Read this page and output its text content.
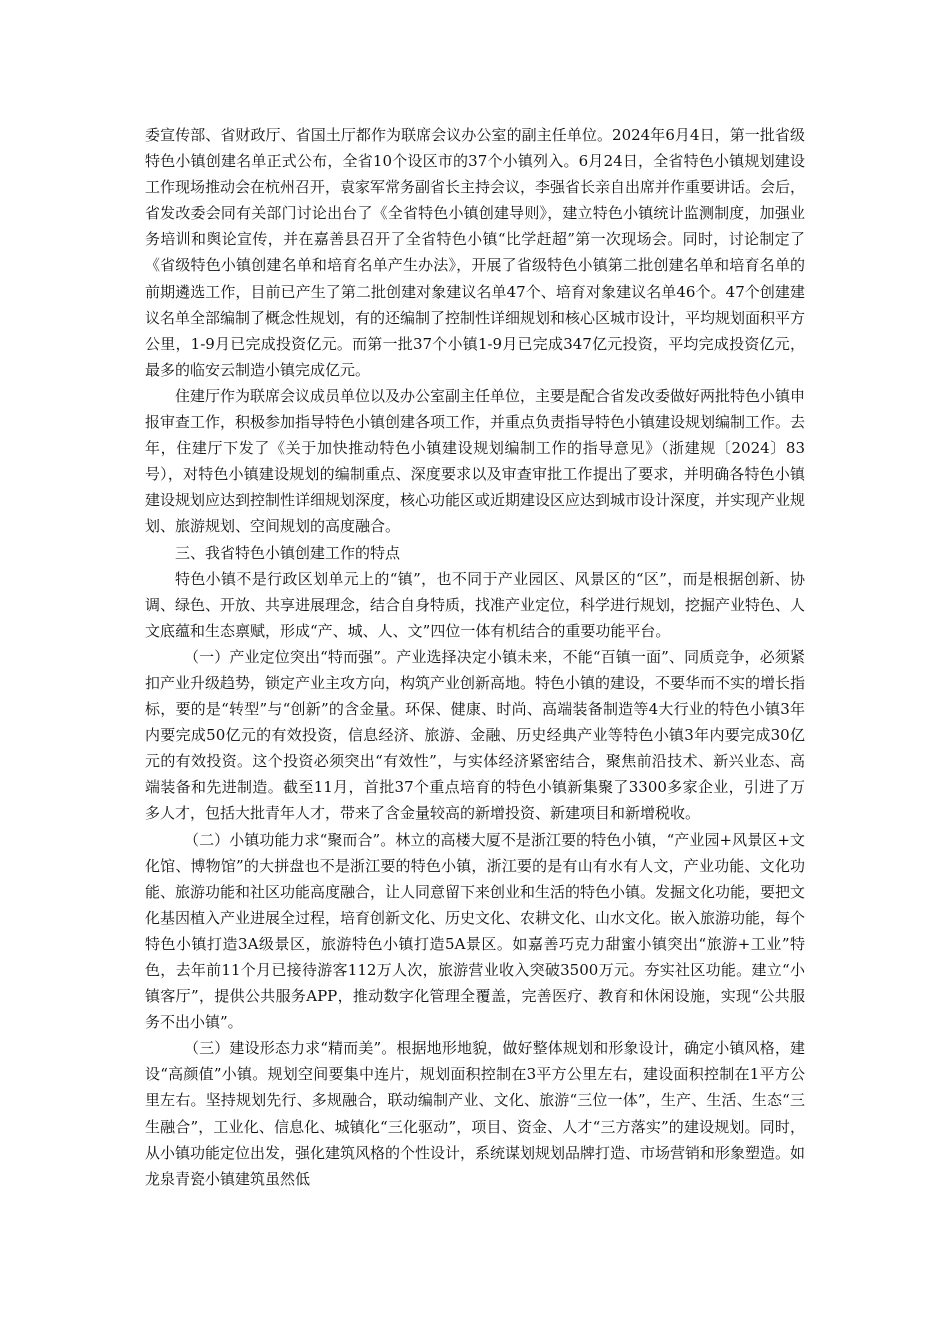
委宣传部、省财政厅、省国土厅都作为联席会议办公室的副主任单位。2024年6月4日，第一批省级特色小镇创建名单正式公布，全省10个设区市的37个小镇列入。6月24日，全省特色小镇规划建设工作现场推动会在杭州召开，袁家军常务副省长主持会议，李强省长亲自出席并作重要讲话。会后，省发改委会同有关部门讨论出台了《全省特色小镇创建导则》，建立特色小镇统计监测制度，加强业务培训和舆论宣传，并在嘉善县召开了全省特色小镇“比学赶超”第一次现场会。同时，讨论制定了《省级特色小镇创建名单和培育名单产生办法》，开展了省级特色小镇第二批创建名单和培育名单的前期遴选工作，目前已产生了第二批创建对象建议名单47个、培育对象建议名单46个。47个创建建议名单全部编制了概念性规划，有的还编制了控制性详细规划和核心区城市设计，平均规划面积平方公里，1-9月已完成投资亿元。而第一批37个小镇1-9月已完成347亿元投资，平均完成投资亿元，最多的临安云制造小镇完成亿元。

住建厅作为联席会议成员单位以及办公室副主任单位，主要是配合省发改委做好两批特色小镇申报审查工作，积极参加指导特色小镇创建各项工作，并重点负责指导特色小镇建设规划编制工作。去年，住建厅下发了《关于加快推动特色小镇建设规划编制工作的指导意见》（浙建规〔2024〕83号），对特色小镇建设规划的编制重点、深度要求以及审查审批工作提出了要求，并明确各特色小镇建设规划应达到控制性详细规划深度，核心功能区或近期建设区应达到城市设计深度，并实现产业规划、旅游规划、空间规划的高度融合。

三、我省特色小镇创建工作的特点

特色小镇不是行政区划单元上的“镇”，也不同于产业园区、风景区的“区”，而是根据创新、协调、绿色、开放、共享进展理念，结合自身特质，找准产业定位，科学进行规划，挖掘产业特色、人文底蕴和生态禀赋，形成“产、城、人、文”四位一体有机结合的重要功能平台。

（一）产业定位突出“特而强”。产业选择决定小镇未来，不能“百镇一面”、同质竞争，必须紧扣产业升级趋势，锁定产业主攻方向，构筑产业创新高地。特色小镇的建设，不要华而不实的增长指标，要的是“转型”与“创新”的含金量。环保、健康、时尚、高端装备制造等4大行业的特色小镇3年内要完成50亿元的有效投资，信息经济、旅游、金融、历史经典产业等特色小镇3年内要完成30亿元的有效投资。这个投资必须突出“有效性”，与实体经济紧密结合，聚焦前沿技术、新兴业态、高端装备和先进制造。截至11月，首批37个重点培育的特色小镇新集聚了3300多家企业，引进了万多人才，包括大批青年人才，带来了含金量较高的新增投资、新建项目和新增税收。

（二）小镇功能力求“聚而合”。林立的高楼大厦不是浙江要的特色小镇，“产业园+风景区+文化馆、博物馆”的大拼盘也不是浙江要的特色小镇，浙江要的是有山有水有人文，产业功能、文化功能、旅游功能和社区功能高度融合，让人同意留下来创业和生活的特色小镇。发掘文化功能，要把文化基因植入产业进展全过程，培育创新文化、历史文化、农耕文化、山水文化。嵌入旅游功能，每个特色小镇打造3A级景区，旅游特色小镇打造5A景区。如嘉善巧克力甜蜜小镇突出“旅游+工业”特色，去年前11个月已接待游客112万人次，旅游营业收入突破3500万元。夯实社区功能。建立“小镇客厅”，提供公共服务APP，推动数字化管理全覆盖，完善医疗、教育和休闲设施，实现“公共服务不出小镇”。

（三）建设形态力求“精而美”。根据地形地貌，做好整体规划和形象设计，确定小镇风格，建设“高颜值”小镇。规划空间要集中连片，规划面积控制在3平方公里左右，建设面积控制在1平方公里左右。坚持规划先行、多规融合，联动编制产业、文化、旅游“三位一体”，生产、生活、生态“三生融合”，工业化、信息化、城镇化“三化驱动”，项目、资金、人才“三方落实”的建设规划。同时，从小镇功能定位出发，强化建筑风格的个性设计，系统谋划规划品牌打造、市场营销和形象塑造。如龙泉青瓷小镇建筑虽然低
